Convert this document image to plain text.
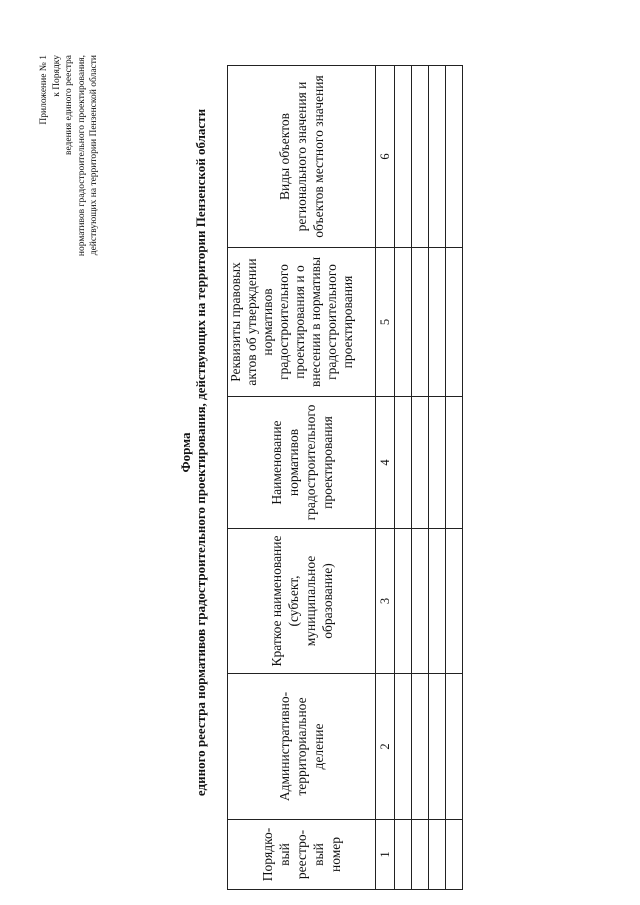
Приложение № 1 к Порядку ведения единого реестра нормативов градостроительного проектирования, действующих на территории Пензенской области
Форма единого реестра нормативов градостроительного проектирования, действующих на территории Пензенской области
Порядко-вый реестро-вый номер	Административно-территориальное деление	Краткое наименование (субъект, муниципальное образование)	Наименование нормативов градостроительного проектирования	Реквизиты правовых актов об утверждении нормативов градостроительного проектирования и о внесении в нормативы градостроительного проектирования	Виды объектов регионального значения и объектов местного значения

1	2	3	4	5	6
